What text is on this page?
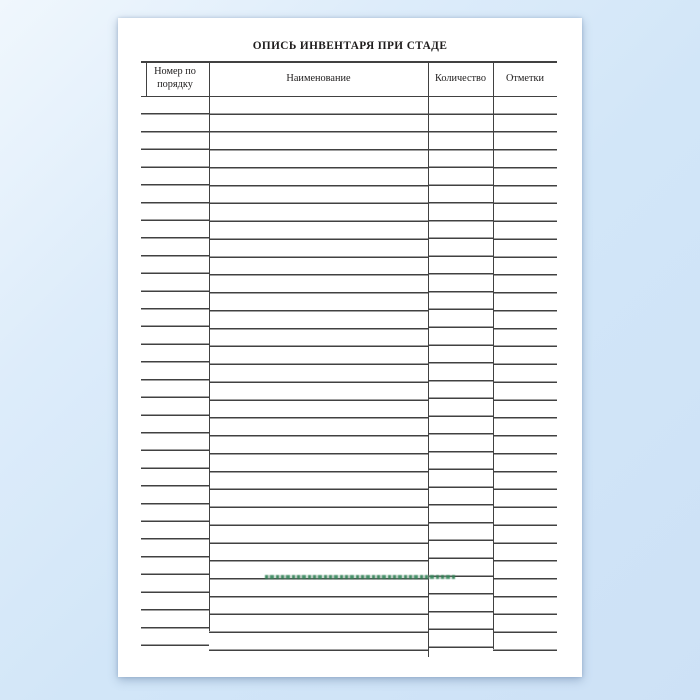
ОПИСЬ ИНВЕНТАРЯ ПРИ СТАДЕ
Номер по порядку
Наименование	Количество	Отметки
